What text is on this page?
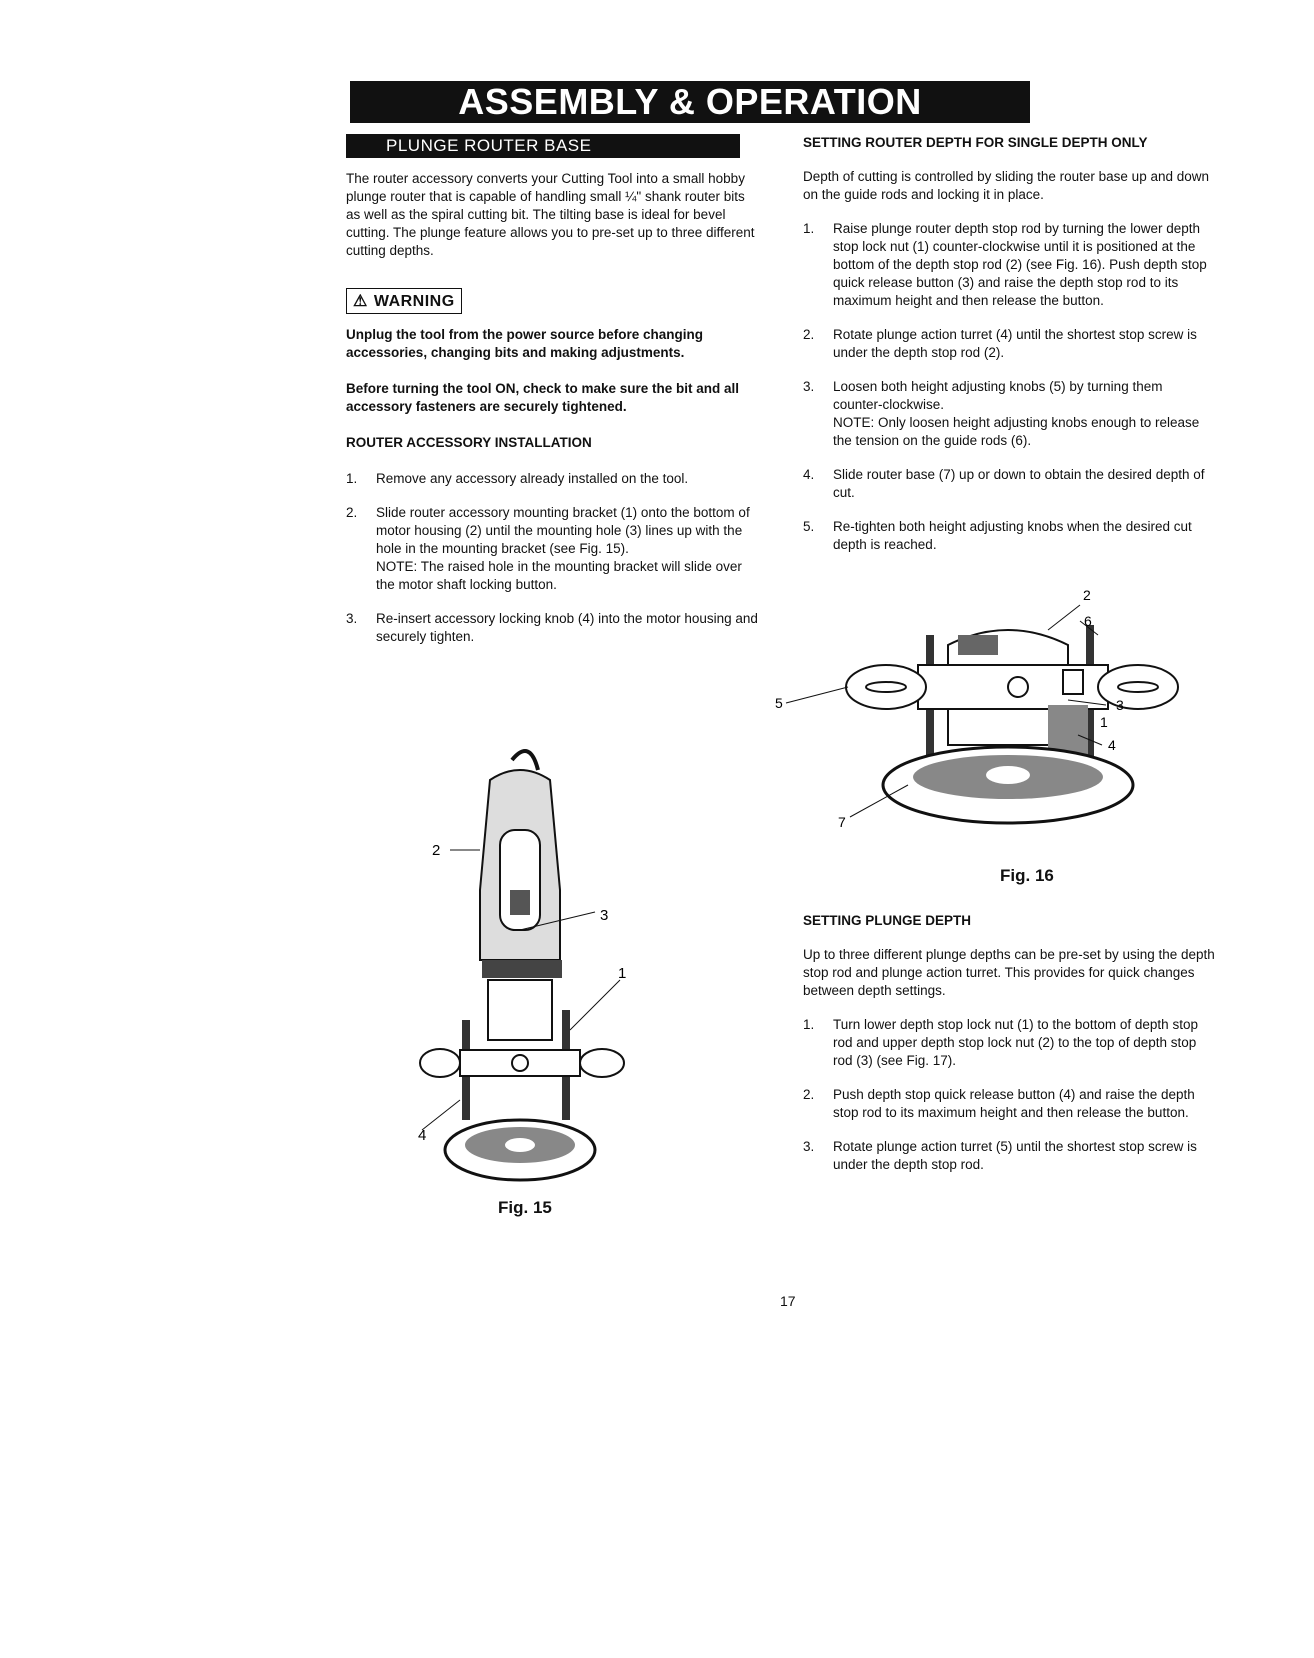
ASSEMBLY & OPERATION
PLUNGE ROUTER BASE

The router accessory converts your Cutting Tool into a small hobby plunge router that is capable of handling small ¼" shank router bits as well as the spiral cutting bit. The tilting base is ideal for bevel cutting. The plunge feature allows you to pre-set up to three different cutting depths.

⚠ WARNING

Unplug the tool from the power source before changing accessories, changing bits and making adjustments.

Before turning the tool ON, check to make sure the bit and all accessory fasteners are securely tightened.

ROUTER ACCESSORY INSTALLATION
1. Remove any accessory already installed on the tool.
2. Slide router accessory mounting bracket (1) onto the bottom of motor housing (2) until the mounting hole (3) lines up with the hole in the mounting bracket (see Fig. 15).
NOTE: The raised hole in the mounting bracket will slide over the motor shaft locking button.
3. Re-insert accessory locking knob (4) into the motor housing and securely tighten.
2
3
1
4
Fig. 15
SETTING ROUTER DEPTH FOR SINGLE DEPTH ONLY

Depth of cutting is controlled by sliding the router base up and down on the guide rods and locking it in place.

1. Raise plunge router depth stop rod by turning the lower depth stop lock nut (1) counter-clockwise until it is positioned at the bottom of the depth stop rod (2) (see Fig. 16). Push depth stop quick release button (3) and raise the depth stop rod to its maximum height and then release the button.
2. Rotate plunge action turret (4) until the shortest stop screw is under the depth stop rod (2).
3. Loosen both height adjusting knobs (5) by turning them counter-clockwise.
NOTE: Only loosen height adjusting knobs enough to release the tension on the guide rods (6).
4. Slide router base (7) up or down to obtain the desired depth of cut.
5. Re-tighten both height adjusting knobs when the desired cut depth is reached.
2
6
5	3
1
4
7
Fig. 16
SETTING PLUNGE DEPTH

Up to three different plunge depths can be pre-set by using the depth stop rod and plunge action turret. This provides for quick changes between depth settings.

1. Turn lower depth stop lock nut (1) to the bottom of depth stop rod and upper depth stop lock nut (2) to the top of depth stop rod (3) (see Fig. 17).
2. Push depth stop quick release button (4) and raise the depth stop rod to its maximum height and then release the button.
3. Rotate plunge action turret (5) until the shortest stop screw is under the depth stop rod.
17
